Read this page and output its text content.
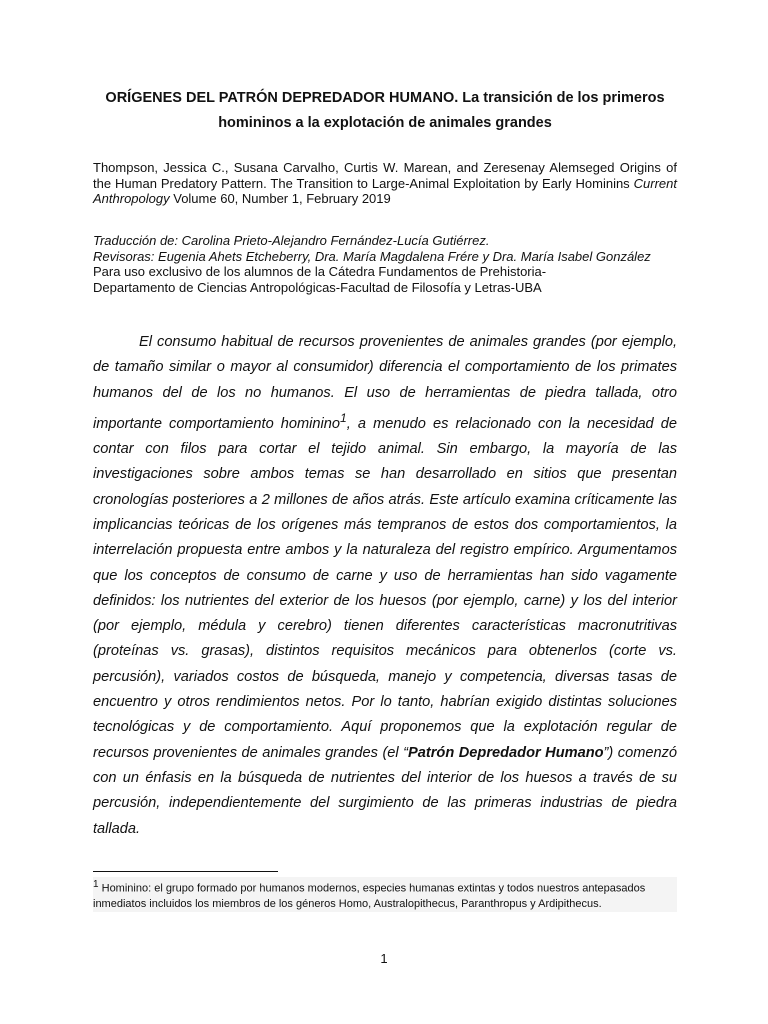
ORÍGENES DEL PATRÓN DEPREDADOR HUMANO. La transición de los primeros homininos a la explotación de animales grandes
Thompson, Jessica C., Susana Carvalho, Curtis W. Marean, and Zeresenay Alemseged Origins of the Human Predatory Pattern. The Transition to Large-Animal Exploitation by Early Hominins Current Anthropology Volume 60, Number 1, February 2019
Traducción de: Carolina Prieto-Alejandro Fernández-Lucía Gutiérrez.
Revisoras: Eugenia Ahets Etcheberry, Dra. María Magdalena Frére y Dra. María Isabel González
Para uso exclusivo de los alumnos de la Cátedra Fundamentos de Prehistoria-
Departamento de Ciencias Antropológicas-Facultad de Filosofía y Letras-UBA

El consumo habitual de recursos provenientes de animales grandes (por ejemplo, de tamaño similar o mayor al consumidor) diferencia el comportamiento de los primates humanos del de los no humanos. El uso de herramientas de piedra tallada, otro importante comportamiento hominino$^1$, a menudo es relacionado con la necesidad de contar con filos para cortar el tejido animal. Sin embargo, la mayoría de las investigaciones sobre ambos temas se han desarrollado en sitios que presentan cronologías posteriores a 2 millones de años atrás. Este artículo examina críticamente las implicancias teóricas de los orígenes más tempranos de estos dos comportamientos, la interrelación propuesta entre ambos y la naturaleza del registro empírico. Argumentamos que los conceptos de consumo de carne y uso de herramientas han sido vagamente definidos: los nutrientes del exterior de los huesos (por ejemplo, carne) y los del interior (por ejemplo, médula y cerebro) tienen diferentes características macronutritivas (proteínas vs. grasas), distintos requisitos mecánicos para obtenerlos (corte vs. percusión), variados costos de búsqueda, manejo y competencia, diversas tasas de encuentro y otros rendimientos netos. Por lo tanto, habrían exigido distintas soluciones tecnológicas y de comportamiento. Aquí proponemos que la explotación regular de recursos provenientes de animales grandes (el “Patrón Depredador Humano”) comenzó con un énfasis en la búsqueda de nutrientes del interior de los huesos a través de su percusión, independientemente del surgimiento de las primeras industrias de piedra tallada.

$^1$ Hominino: el grupo formado por humanos modernos, especies humanas extintas y todos nuestros antepasados inmediatos incluidos los miembros de los géneros Homo, Australopithecus, Paranthropus y Ardipithecus.
1
